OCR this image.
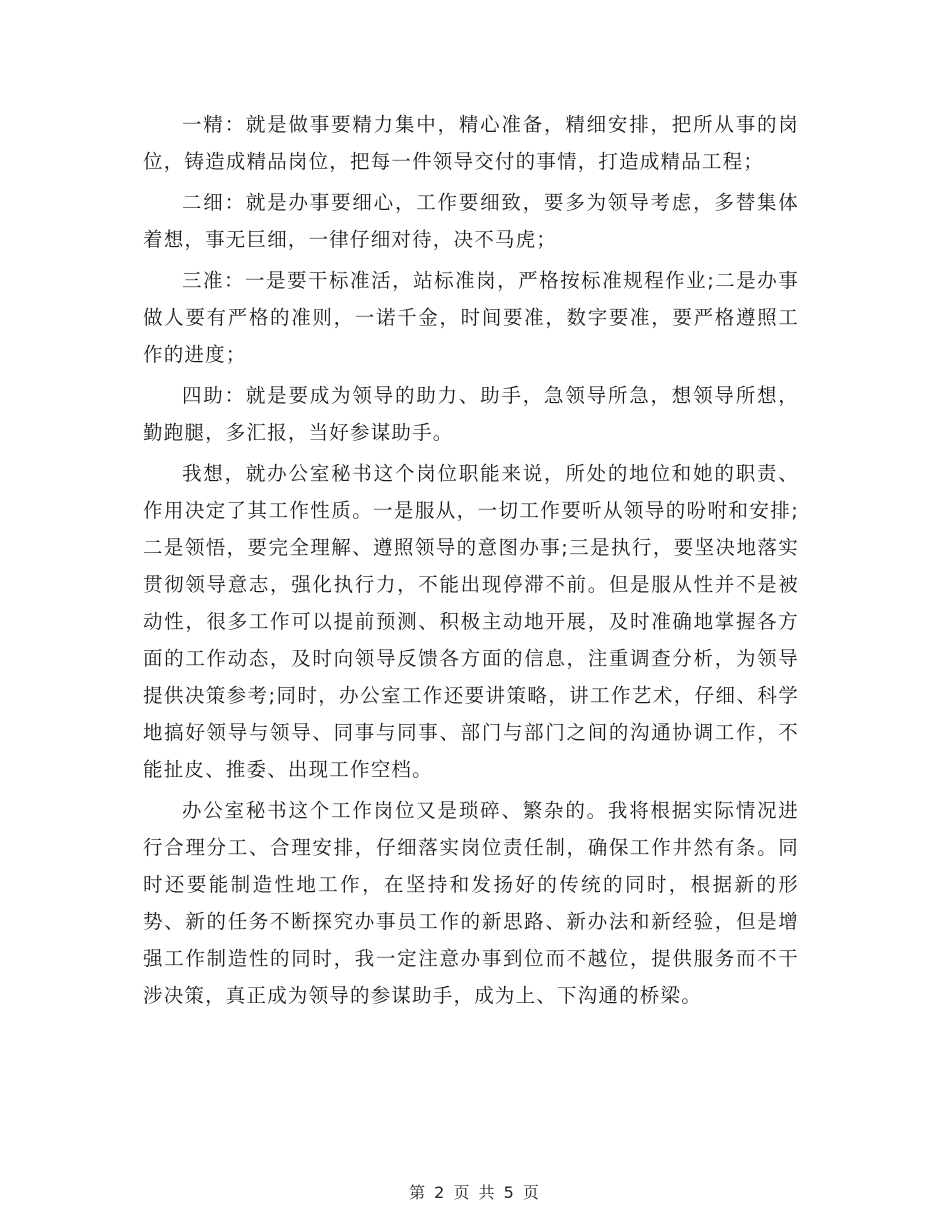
一精：就是做事要精力集中，精心准备，精细安排，把所从事的岗位，铸造成精品岗位，把每一件领导交付的事情，打造成精品工程；

二细：就是办事要细心，工作要细致，要多为领导考虑，多替集体着想，事无巨细，一律仔细对待，决不马虎；

三准：一是要干标准活，站标准岗，严格按标准规程作业;二是办事做人要有严格的准则，一诺千金，时间要准，数字要准，要严格遵照工作的进度；

四助：就是要成为领导的助力、助手，急领导所急，想领导所想，勤跑腿，多汇报，当好参谋助手。

我想，就办公室秘书这个岗位职能来说，所处的地位和她的职责、作用决定了其工作性质。一是服从，一切工作要听从领导的吩咐和安排;二是领悟，要完全理解、遵照领导的意图办事;三是执行，要坚决地落实贯彻领导意志，强化执行力，不能出现停滞不前。但是服从性并不是被动性，很多工作可以提前预测、积极主动地开展，及时准确地掌握各方面的工作动态，及时向领导反馈各方面的信息，注重调查分析，为领导提供决策参考;同时，办公室工作还要讲策略，讲工作艺术，仔细、科学地搞好领导与领导、同事与同事、部门与部门之间的沟通协调工作，不能扯皮、推委、出现工作空档。

办公室秘书这个工作岗位又是琐碎、繁杂的。我将根据实际情况进行合理分工、合理安排，仔细落实岗位责任制，确保工作井然有条。同时还要能制造性地工作，在坚持和发扬好的传统的同时，根据新的形势、新的任务不断探究办事员工作的新思路、新办法和新经验，但是增强工作制造性的同时，我一定注意办事到位而不越位，提供服务而不干涉决策，真正成为领导的参谋助手，成为上、下沟通的桥梁。

第 2 页 共 5 页
